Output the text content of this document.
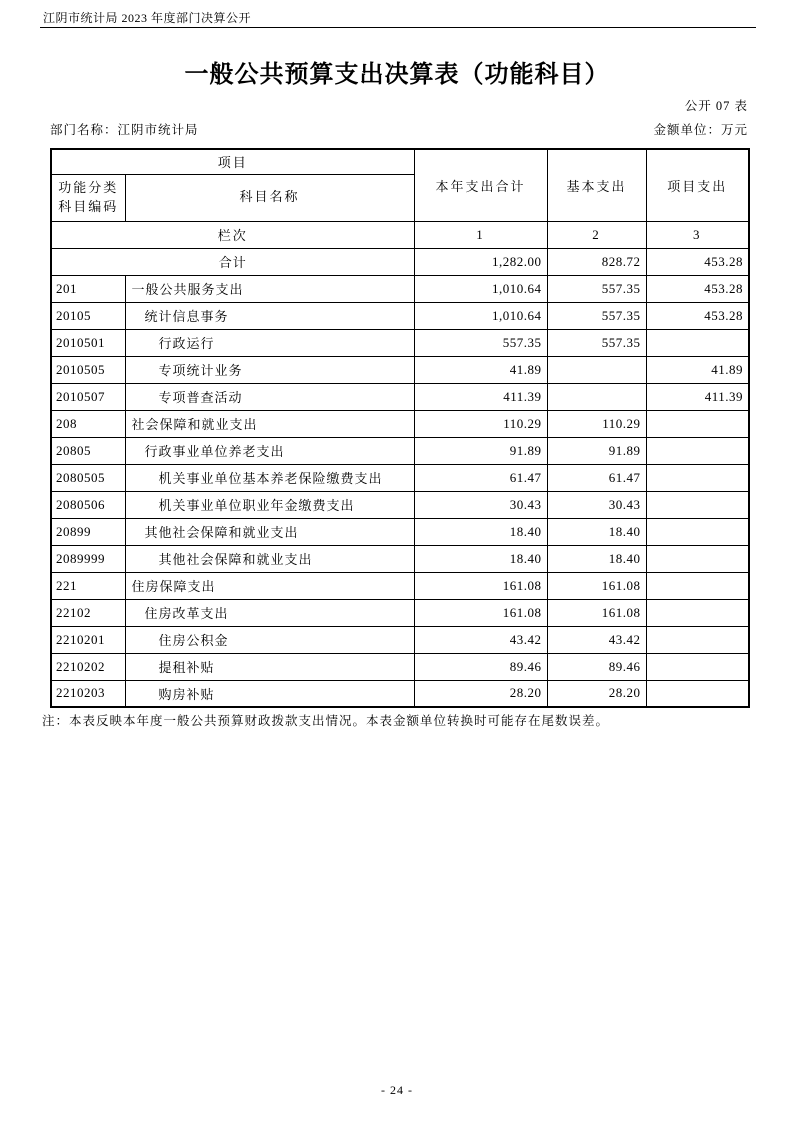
江阴市统计局 2023 年度部门决算公开
一般公共预算支出决算表（功能科目）
公开 07 表
部门名称：江阴市统计局	金额单位：万元
项目		本年支出合计	基本支出	项目支出
功能分类
科目编码	科目名称			
栏次		1	2	3
合计		1,282.00	828.72	453.28
201	一般公共服务支出	1,010.64	557.35	453.28
20105	统计信息事务	1,010.64	557.35	453.28
2010501	行政运行	557.35	557.35	
2010505	专项统计业务	41.89		41.89
2010507	专项普查活动	411.39		411.39
208	社会保障和就业支出	110.29	110.29	
20805	行政事业单位养老支出	91.89	91.89	
2080505	机关事业单位基本养老保险缴费支出	61.47	61.47	
2080506	机关事业单位职业年金缴费支出	30.43	30.43	
20899	其他社会保障和就业支出	18.40	18.40	
2089999	其他社会保障和就业支出	18.40	18.40	
221	住房保障支出	161.08	161.08	
22102	住房改革支出	161.08	161.08	
2210201	住房公积金	43.42	43.42	
2210202	提租补贴	89.46	89.46	
2210203	购房补贴	28.20	28.20	
注：本表反映本年度一般公共预算财政拨款支出情况。本表金额单位转换时可能存在尾数误差。
- 24 -
